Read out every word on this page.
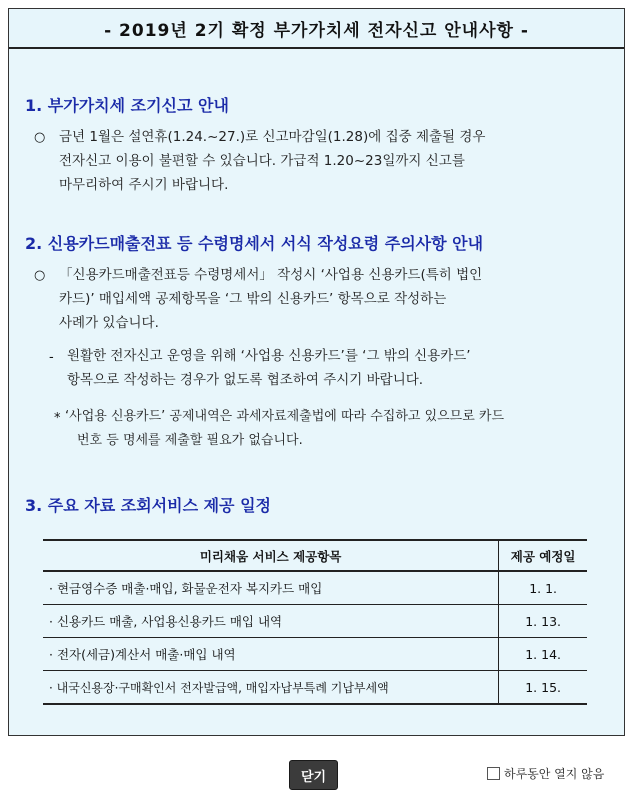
- 2019년 2기 확정 부가가치세 전자신고 안내사항 -
1. 부가가치세 조기신고 안내
○ 금년 1월은 설연휴(1.24.~27.)로 신고마감일(1.28)에 집중 제출될 경우
전자신고 이용이 불편할 수 있습니다. 가급적 1.20~23일까지 신고를
마무리하여 주시기 바랍니다.
2. 신용카드매출전표 등 수령명세서 서식 작성요령 주의사항 안내
○ 「신용카드매출전표등 수령명세서」 작성시 ‘사업용 신용카드(특히 법인
카드)’ 매입세액 공제항목을 ‘그 밖의 신용카드’ 항목으로 작성하는
사례가 있습니다.
- 원활한 전자신고 운영을 위해 ‘사업용 신용카드’를 ‘그 밖의 신용카드’
항목으로 작성하는 경우가 없도록 협조하여 주시기 바랍니다.
* ‘사업용 신용카드’ 공제내역은 과세자료제출법에 따라 수집하고 있으므로 카드
번호 등 명세를 제출할 필요가 없습니다.
3. 주요 자료 조회서비스 제공 일정
미리채움 서비스 제공항목	제공 예정일
· 현금영수증 매출·매입, 화물운전자 복지카드 매입	1. 1.
· 신용카드 매출, 사업용신용카드 매입 내역	1. 13.
· 전자(세금)계산서 매출·매입 내역	1. 14.
· 내국신용장·구매확인서 전자발급액, 매입자납부특례 기납부세액	1. 15.
닫기	하루동안 열지 않음
